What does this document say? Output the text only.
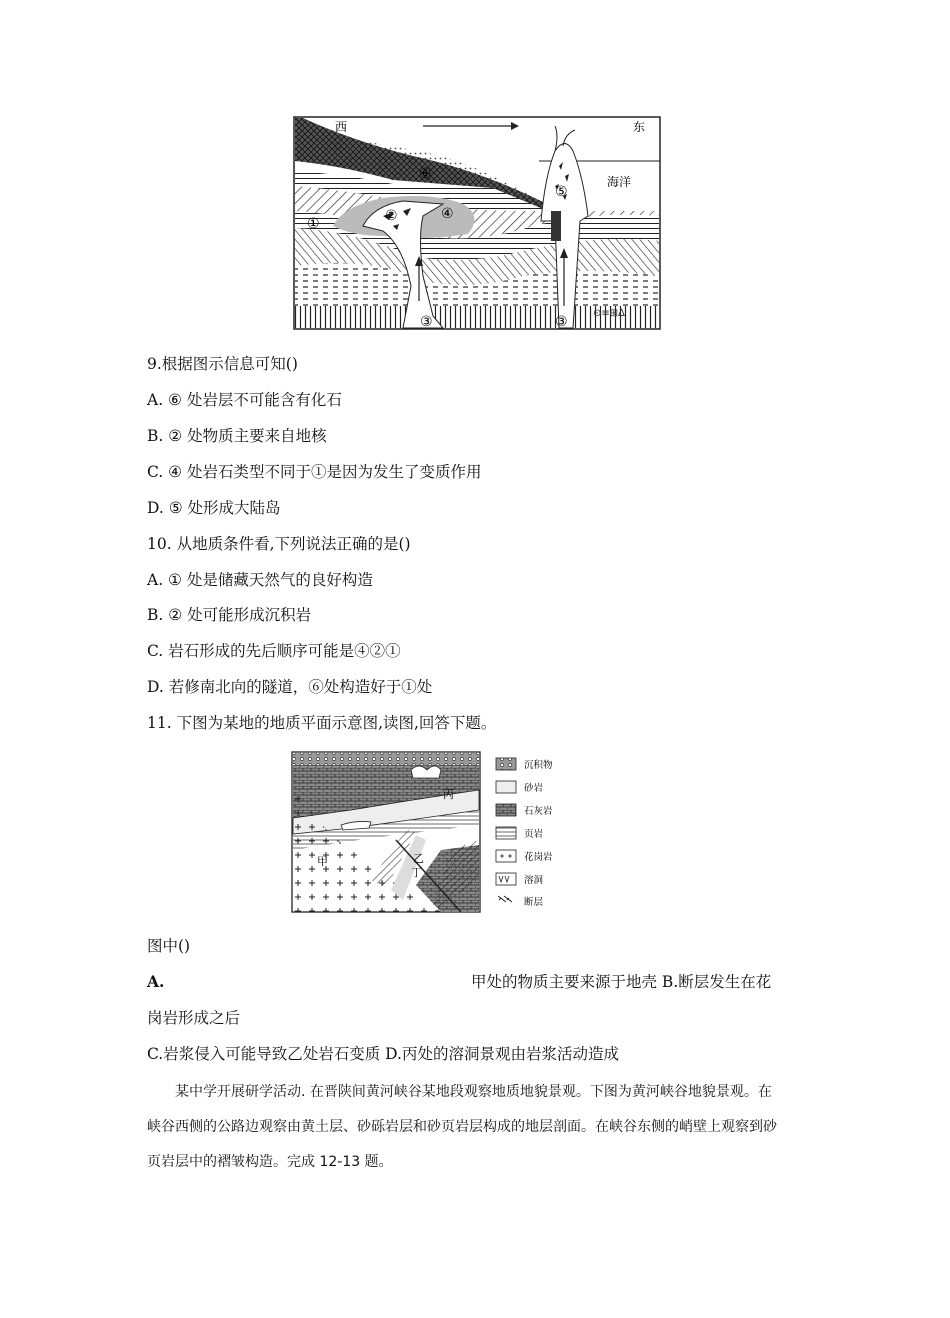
西	东
海洋
①	②
③	③
④
⑤
⑥
⊙≡⊞∆
9.根据图示信息可知()
A. ⑥ 处岩层不可能含有化石
B. ② 处物质主要来自地核
C. ④ 处岩石类型不同于①是因为发生了变质作用
D. ⑤ 处形成大陆岛
10. 从地质条件看,下列说法正确的是()
A. ① 处是储藏天然气的良好构造
B. ② 处可能形成沉积岩
C. 岩石形成的先后顺序可能是④②①
D. 若修南北向的隧道，⑥处构造好于①处
11. 下图为某地的地质平面示意图,读图,回答下题。
甲	乙
丙
丁
沉积物
砂岩
石灰岩
页岩
花岗岩
溶洞
断层
图中()
A.	甲处的物质主要来源于地壳 B.断层发生在花
岗岩形成之后
C.岩浆侵入可能导致乙处岩石变质 D.丙处的溶洞景观由岩浆活动造成
某中学开展研学活动. 在晋陕间黄河峡谷某地段观察地质地貌景观。下图为黄河峡谷地貌景观。在
峡谷西侧的公路边观察由黄土层、砂砾岩层和砂页岩层构成的地层剖面。在峡谷东侧的峭壁上观察到砂
页岩层中的褶皱构造。完成 12-13 题。
